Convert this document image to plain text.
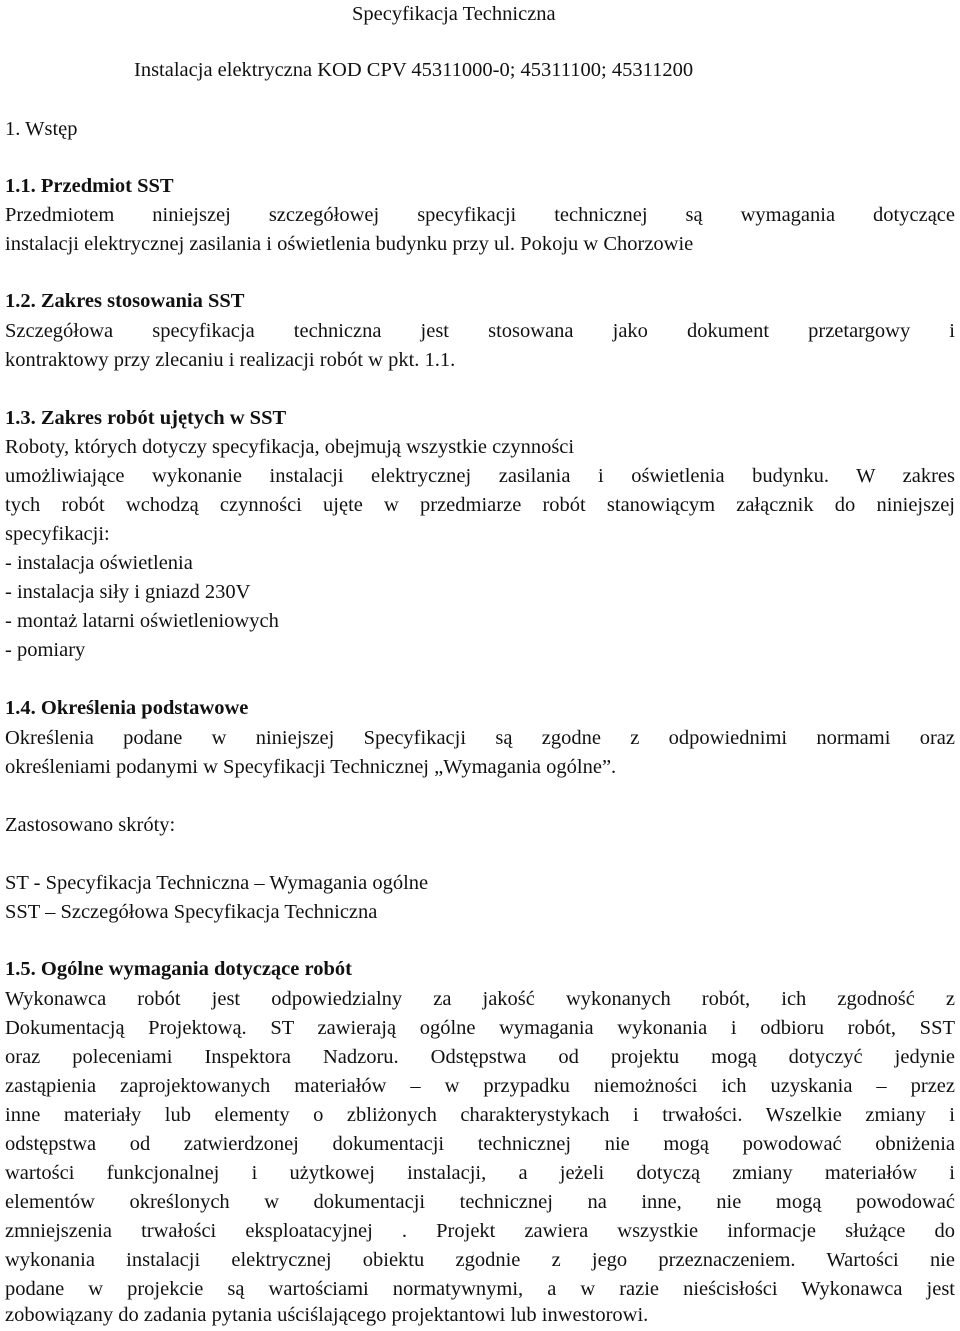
Specyfikacja Techniczna
Instalacja elektryczna KOD CPV 45311000-0; 45311100; 45311200
1. Wstęp
1.1. Przedmiot SST
Przedmiotem niniejszej szczegółowej specyfikacji technicznej są wymagania dotyczące
instalacji elektrycznej zasilania i oświetlenia budynku przy ul. Pokoju w Chorzowie
1.2. Zakres stosowania SST
Szczegółowa specyfikacja techniczna jest stosowana jako dokument przetargowy i
kontraktowy przy zlecaniu i realizacji robót w pkt. 1.1.
1.3. Zakres robót ujętych w SST
Roboty, których dotyczy specyfikacja, obejmują wszystkie czynności
umożliwiające wykonanie instalacji elektrycznej zasilania i oświetlenia budynku. W zakres
tych robót wchodzą czynności ujęte w przedmiarze robót stanowiącym załącznik do niniejszej
specyfikacji:
- instalacja oświetlenia
- instalacja siły i gniazd 230V
- montaż latarni oświetleniowych
- pomiary
1.4. Określenia podstawowe
Określenia podane w niniejszej Specyfikacji są zgodne z odpowiednimi normami oraz
określeniami podanymi w Specyfikacji Technicznej „Wymagania ogólne”.
Zastosowano skróty:
ST - Specyfikacja Techniczna – Wymagania ogólne
SST – Szczegółowa Specyfikacja Techniczna
1.5. Ogólne wymagania dotyczące robót
Wykonawca robót jest odpowiedzialny za jakość wykonanych robót, ich zgodność z
Dokumentacją Projektową. ST zawierają ogólne wymagania wykonania i odbioru robót, SST
oraz poleceniami Inspektora Nadzoru. Odstępstwa od projektu mogą dotyczyć jedynie
zastąpienia zaprojektowanych materiałów – w przypadku niemożności ich uzyskania – przez
inne materiały lub elementy o zbliżonych charakterystykach i trwałości. Wszelkie zmiany i
odstępstwa od zatwierdzonej dokumentacji technicznej nie mogą powodować obniżenia
wartości funkcjonalnej i użytkowej instalacji, a jeżeli dotyczą zmiany materiałów i
elementów określonych w dokumentacji technicznej na inne, nie mogą powodować
zmniejszenia trwałości eksploatacyjnej . Projekt zawiera wszystkie informacje służące do
wykonania instalacji elektrycznej obiektu zgodnie z jego przeznaczeniem. Wartości nie
podane w projekcie są wartościami normatywnymi, a w razie nieścisłości Wykonawca jest
zobowiązany do zadania pytania uściślającego projektantowi lub inwestorowi.
